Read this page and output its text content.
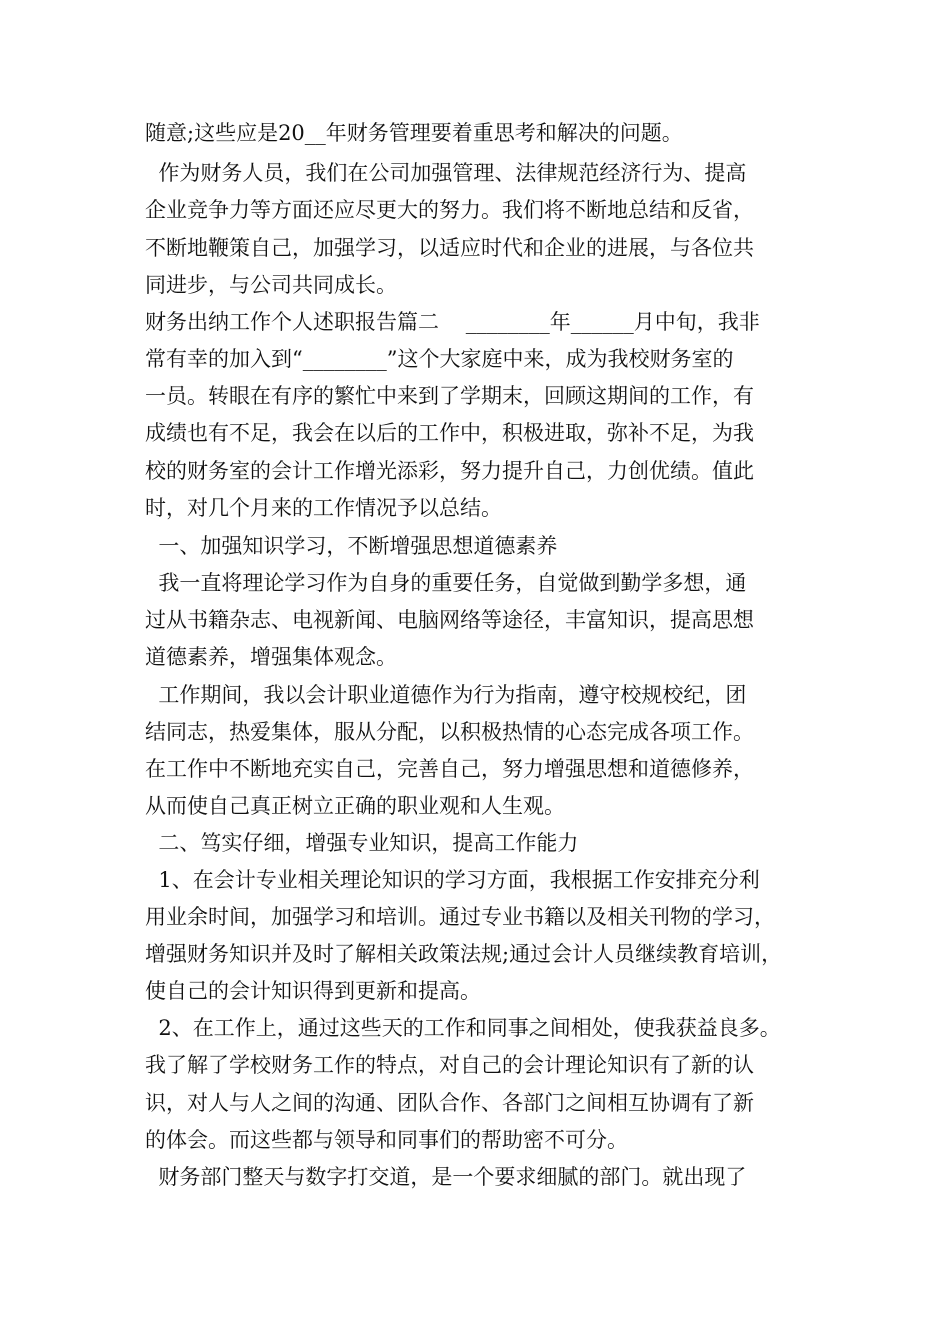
随意;这些应是20__年财务管理要着重思考和解决的问题。

作为财务人员，我们在公司加强管理、法律规范经济行为、提高

企业竞争力等方面还应尽更大的努力。我们将不断地总结和反省，

不断地鞭策自己，加强学习，以适应时代和企业的进展，与各位共

同进步，与公司共同成长。

财务出纳工作个人述职报告篇二    ________年______月中旬，我非

常有幸的加入到“________”这个大家庭中来，成为我校财务室的

一员。转眼在有序的繁忙中来到了学期末，回顾这期间的工作，有

成绩也有不足，我会在以后的工作中，积极进取，弥补不足，为我

校的财务室的会计工作增光添彩，努力提升自己，力创优绩。值此

时，对几个月来的工作情况予以总结。

一、加强知识学习，不断增强思想道德素养

我一直将理论学习作为自身的重要任务，自觉做到勤学多想，通

过从书籍杂志、电视新闻、电脑网络等途径，丰富知识，提高思想

道德素养，增强集体观念。

工作期间，我以会计职业道德作为行为指南，遵守校规校纪，团

结同志，热爱集体，服从分配，以积极热情的心态完成各项工作。

在工作中不断地充实自己，完善自己，努力增强思想和道德修养，

从而使自己真正树立正确的职业观和人生观。

二、笃实仔细，增强专业知识，提高工作能力

1、在会计专业相关理论知识的学习方面，我根据工作安排充分利

用业余时间，加强学习和培训。通过专业书籍以及相关刊物的学习，

增强财务知识并及时了解相关政策法规;通过会计人员继续教育培训，

使自己的会计知识得到更新和提高。

2、在工作上，通过这些天的工作和同事之间相处，使我获益良多。

我了解了学校财务工作的特点，对自己的会计理论知识有了新的认

识，对人与人之间的沟通、团队合作、各部门之间相互协调有了新

的体会。而这些都与领导和同事们的帮助密不可分。

财务部门整天与数字打交道，是一个要求细腻的部门。就出现了
